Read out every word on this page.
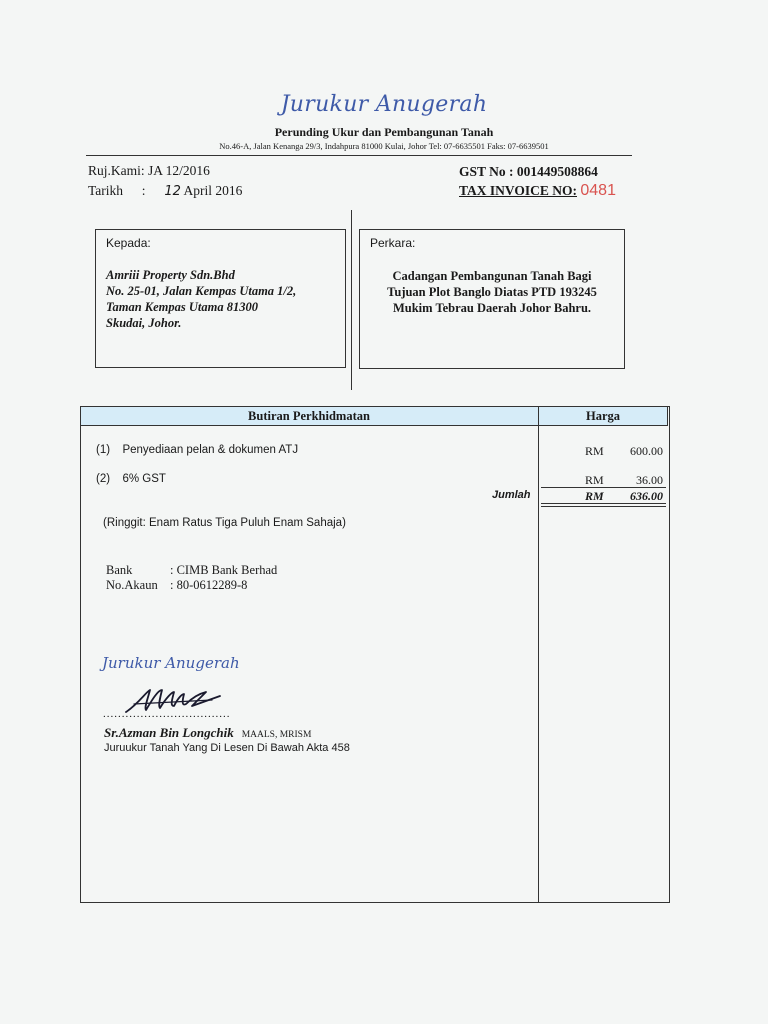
Jurukur Anugerah
Perunding Ukur dan Pembangunan Tanah
No.46-A, Jalan Kenanga 29/3, Indahpura 81000 Kulai, Johor Tel: 07-6635501 Faks: 07-6639501
Ruj.Kami: JA 12/2016
Tarikh : 12 April 2016
GST No : 001449508864
TAX INVOICE NO: 0481
Kepada:
Amriii Property Sdn.Bhd
No. 25-01, Jalan Kempas Utama 1/2,
Taman Kempas Utama 81300
Skudai, Johor.
Perkara:
Cadangan Pembangunan Tanah Bagi
Tujuan Plot Banglo Diatas PTD 193245
Mukim Tebrau Daerah Johor Bahru.
Butiran Perkhidmatan	Harga
(1) Penyediaan pelan & dokumen ATJ	RM	600.00
(2) 6% GST	RM	36.00
Jumlah	RM	636.00
(Ringgit: Enam Ratus Tiga Puluh Enam Sahaja)
Bank	: CIMB Bank Berhad
No.Akaun : 80-0612289-8
Jurukur Anugerah
..................................
Sr.Azman Bin Longchik MAALS, MRISM
Juruukur Tanah Yang Di Lesen Di Bawah Akta 458
